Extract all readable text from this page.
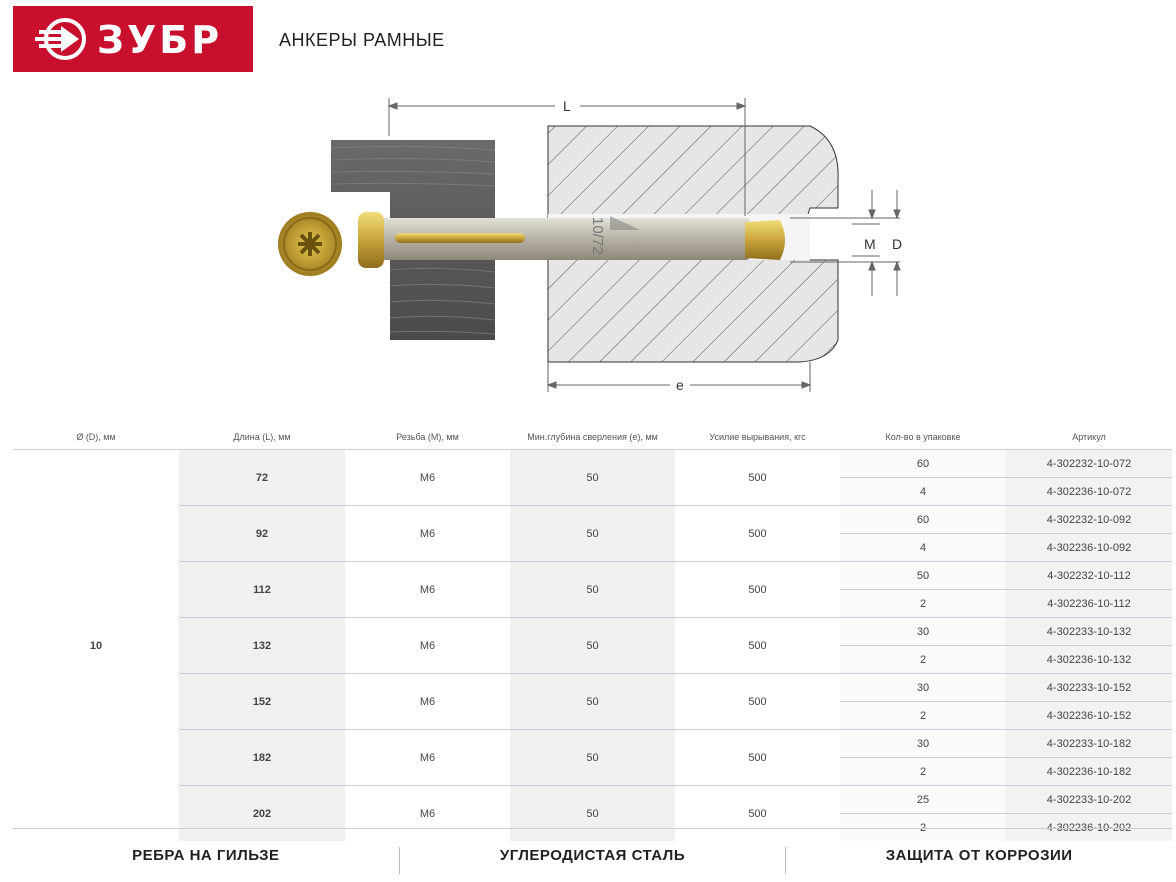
ЗУБР	АНКЕРЫ РАМНЫЕ
10/72
L
e
M D
Ø (D), мм	Длина (L), мм	Резьба (М), мм	Мин.глубина сверления (е), мм	Усилие вырывания, кгс	Кол-во в упаковке	Артикул
10	72	M6	50	500	60	4-302232-10-072
					4	4-302236-10-072
	92	M6	50	500	60	4-302232-10-092
					4	4-302236-10-092
	112	M6	50	500	50	4-302232-10-112
					2	4-302236-10-112
	132	M6	50	500	30	4-302233-10-132
					2	4-302236-10-132
	152	M6	50	500	30	4-302233-10-152
					2	4-302236-10-152
	182	M6	50	500	30	4-302233-10-182
					2	4-302236-10-182
	202	M6	50	500	25	4-302233-10-202
					2	4-302236-10-202
РЕБРА НА ГИЛЬЗЕ	УГЛЕРОДИСТАЯ СТАЛЬ	ЗАЩИТА ОТ КОРРОЗИИ
